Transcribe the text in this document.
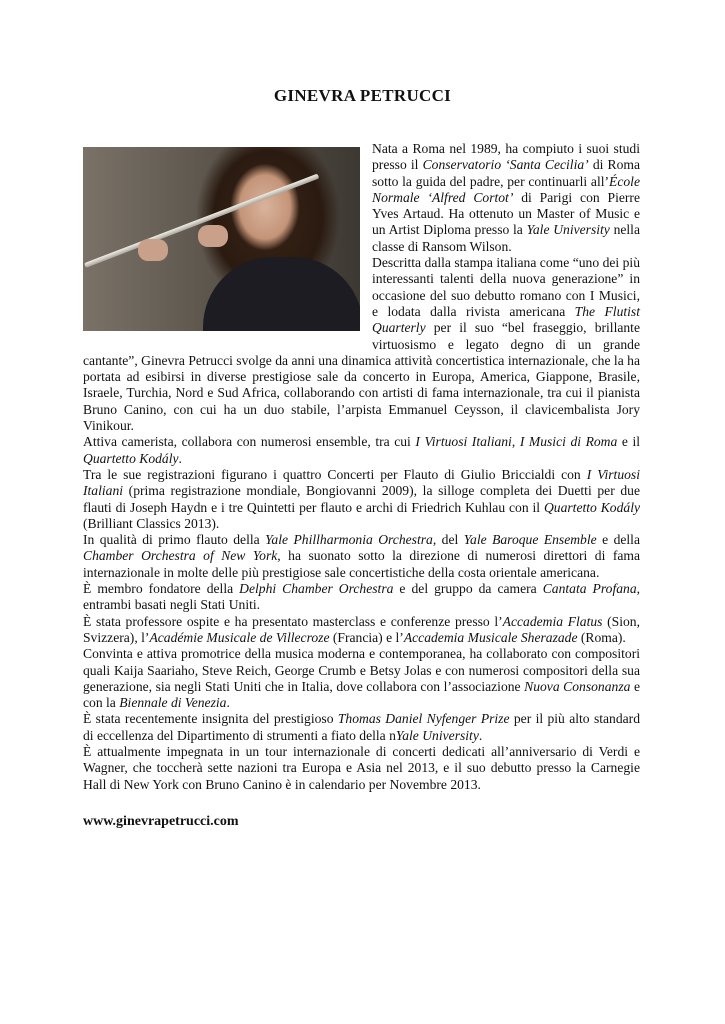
GINEVRA PETRUCCI

Nata a Roma nel 1989, ha compiuto i suoi studi presso il Conservatorio ‘Santa Cecilia’ di Roma sotto la guida del padre, per continuarli all’École Normale ‘Alfred Cortot’ di Parigi con Pierre Yves Artaud. Ha ottenuto un Master of Music e un Artist Diploma presso la Yale University nella classe di Ransom Wilson.

Descritta dalla stampa italiana come “uno dei più interessanti talenti della nuova generazione” in occasione del suo debutto romano con I Musici, e lodata dalla rivista americana The Flutist Quarterly per il suo “bel fraseggio, brillante virtuosismo e legato degno di un grande cantante”, Ginevra Petrucci svolge da anni una dinamica attività concertistica internazionale, che la ha portata ad esibirsi in diverse prestigiose sale da concerto in Europa, America, Giappone, Brasile, Israele, Turchia, Nord e Sud Africa, collaborando con artisti di fama internazionale, tra cui il pianista Bruno Canino, con cui ha un duo stabile, l’arpista Emmanuel Ceysson, il clavicembalista Jory Vinikour.

Attiva camerista, collabora con numerosi ensemble, tra cui I Virtuosi Italiani, I Musici di Roma e il Quartetto Kodály.

Tra le sue registrazioni figurano i quattro Concerti per Flauto di Giulio Briccialdi con I Virtuosi Italiani (prima registrazione mondiale, Bongiovanni 2009), la silloge completa dei Duetti per due flauti di Joseph Haydn e i tre Quintetti per flauto e archi di Friedrich Kuhlau con il Quartetto Kodály (Brilliant Classics 2013).

In qualità di primo flauto della Yale Phillharmonia Orchestra, del Yale Baroque Ensemble e della Chamber Orchestra of New York, ha suonato sotto la direzione di numerosi direttori di fama internazionale in molte delle più prestigiose sale concertistiche della costa orientale americana.

È membro fondatore della Delphi Chamber Orchestra e del gruppo da camera Cantata Profana, entrambi basati negli Stati Uniti.

È stata professore ospite e ha presentato masterclass e conferenze presso l’Accademia Flatus (Sion, Svizzera), l’Académie Musicale de Villecroze (Francia) e l’Accademia Musicale Sherazade (Roma).

Convinta e attiva promotrice della musica moderna e contemporanea, ha collaborato con compositori quali Kaija Saariaho, Steve Reich, George Crumb e Betsy Jolas e con numerosi compositori della sua generazione, sia negli Stati Uniti che in Italia, dove collabora con l’associazione Nuova Consonanza e con la Biennale di Venezia.

È stata recentemente insignita del prestigioso Thomas Daniel Nyfenger Prize per il più alto standard di eccellenza del Dipartimento di strumenti a fiato della nYale University.

È attualmente impegnata in un tour internazionale di concerti dedicati all’anniversario di Verdi e Wagner, che toccherà sette nazioni tra Europa e Asia nel 2013, e il suo debutto presso la Carnegie Hall di New York con Bruno Canino è in calendario per Novembre 2013.

www.ginevrapetrucci.com
